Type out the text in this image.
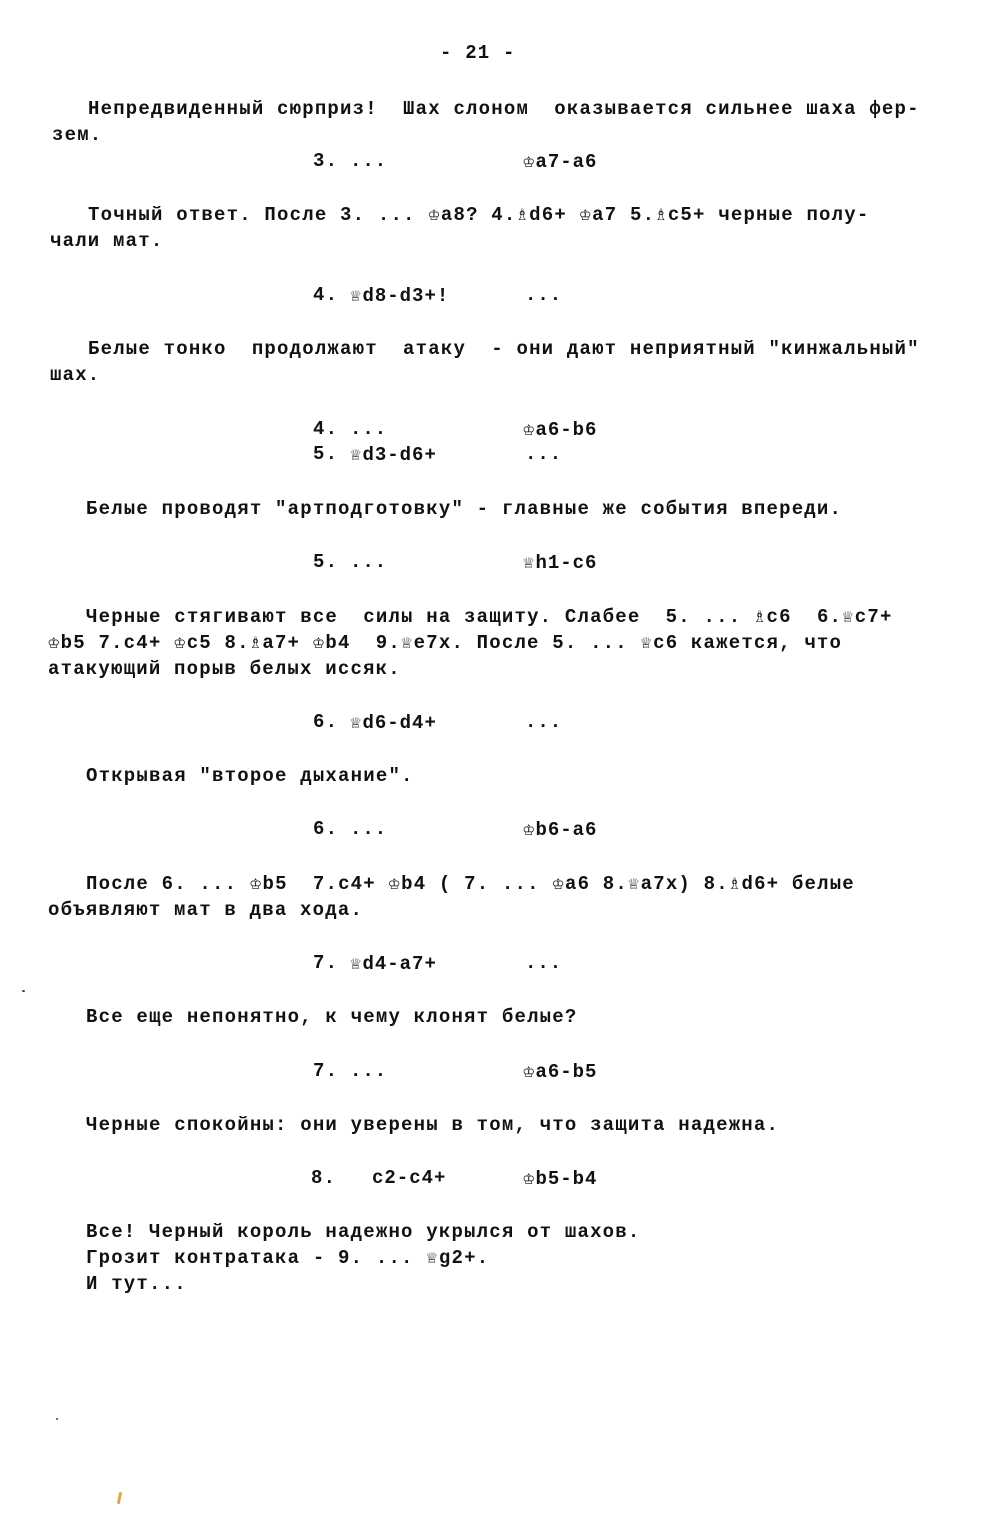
- 21 -
Непредвиденный сюрприз!  Шах слоном  оказывается сильнее шаха фер-
зем.
3. ...	♔a7-a6
Точный ответ. После 3. ... ♔a8? 4.♗d6+ ♔a7 5.♗c5+ черные полу-
чали мат.
4. ♕d8-d3+!	...
Белые тонко  продолжают  атаку  - они дают неприятный "кинжальный"
шах.
4. ...	♔a6-b6
5. ♕d3-d6+	...
Белые проводят "артподготовку" - главные же события впереди.
5. ...	♕h1-c6
Черные стягивают все  силы на защиту. Слабее  5. ... ♗c6  6.♕c7+
♔b5 7.c4+ ♔c5 8.♗a7+ ♔b4  9.♕e7x. После 5. ... ♕c6 кажется, что
атакующий порыв белых иссяк.
6. ♕d6-d4+	...
Открывая "второе дыхание".
6. ...	♔b6-a6
После 6. ... ♔b5  7.c4+ ♔b4 ( 7. ... ♔a6 8.♕a7x) 8.♗d6+ белые
объявляют мат в два хода.
7. ♕d4-a7+	...
Все еще непонятно, к чему клонят белые?
7. ...	♔a6-b5
Черные спокойны: они уверены в том, что защита надежна.
8. c2-c4+	♔b5-b4
Все! Черный король надежно укрылся от шахов.
Грозит контратака - 9. ... ♕g2+.
И тут...
